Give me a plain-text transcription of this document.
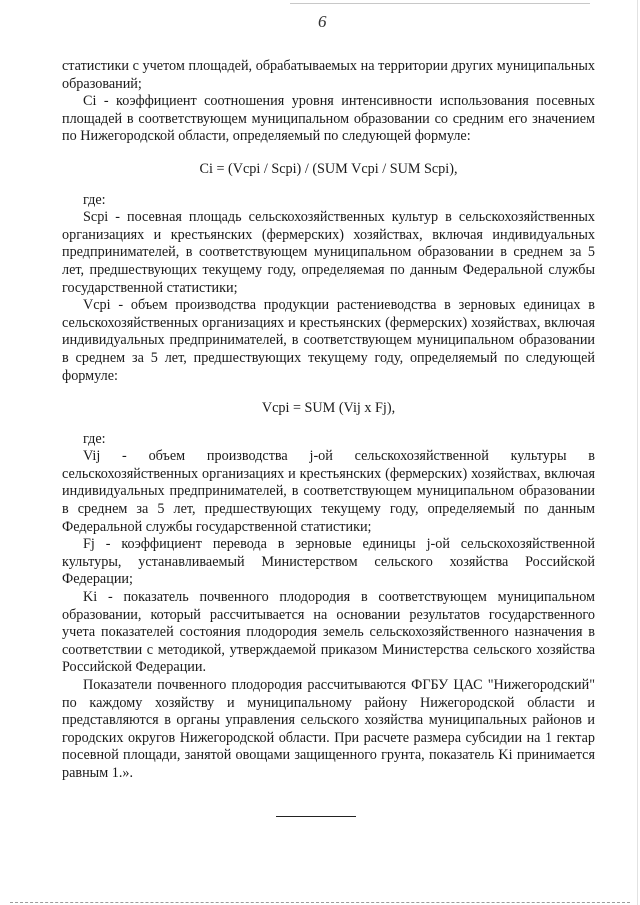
6

статистики с учетом площадей, обрабатываемых на территории других муниципальных образований;

Ci - коэффициент соотношения уровня интенсивности использования посевных площадей в соответствующем муниципальном образовании со средним его значением по Нижегородской области, определяемый по следующей формуле:

Ci = (Vcpi / Scpi) / (SUM Vcpi / SUM Scpi),

где:

Scpi - посевная площадь сельскохозяйственных культур в сельскохозяйственных организациях и крестьянских (фермерских) хозяйствах, включая индивидуальных предпринимателей, в соответствующем муниципальном образовании в среднем за 5 лет, предшествующих текущему году, определяемая по данным Федеральной службы государственной статистики;

Vcpi - объем производства продукции растениеводства в зерновых единицах в сельскохозяйственных организациях и крестьянских (фермерских) хозяйствах, включая индивидуальных предпринимателей, в соответствующем муниципальном образовании в среднем за 5 лет, предшествующих текущему году, определяемый по следующей формуле:

Vcpi = SUM (Vij x Fj),

где:

Vij - объем производства j-ой сельскохозяйственной культуры в сельскохозяйственных организациях и крестьянских (фермерских) хозяйствах, включая индивидуальных предпринимателей, в соответствующем муниципальном образовании в среднем за 5 лет, предшествующих текущему году, определяемый по данным Федеральной службы государственной статистики;

Fj - коэффициент перевода в зерновые единицы j-ой сельскохозяйственной культуры, устанавливаемый Министерством сельского хозяйства Российской Федерации;

Ki - показатель почвенного плодородия в соответствующем муниципальном образовании, который рассчитывается на основании результатов государственного учета показателей состояния плодородия земель сельскохозяйственного назначения в соответствии с методикой, утверждаемой приказом Министерства сельского хозяйства Российской Федерации.

Показатели почвенного плодородия рассчитываются ФГБУ ЦАС "Нижегородский" по каждому хозяйству и муниципальному району Нижегородской области и представляются в органы управления сельского хозяйства муниципальных районов и городских округов Нижегородской области. При расчете размера субсидии на 1 гектар посевной площади, занятой овощами защищенного грунта, показатель Ki принимается равным 1.».
